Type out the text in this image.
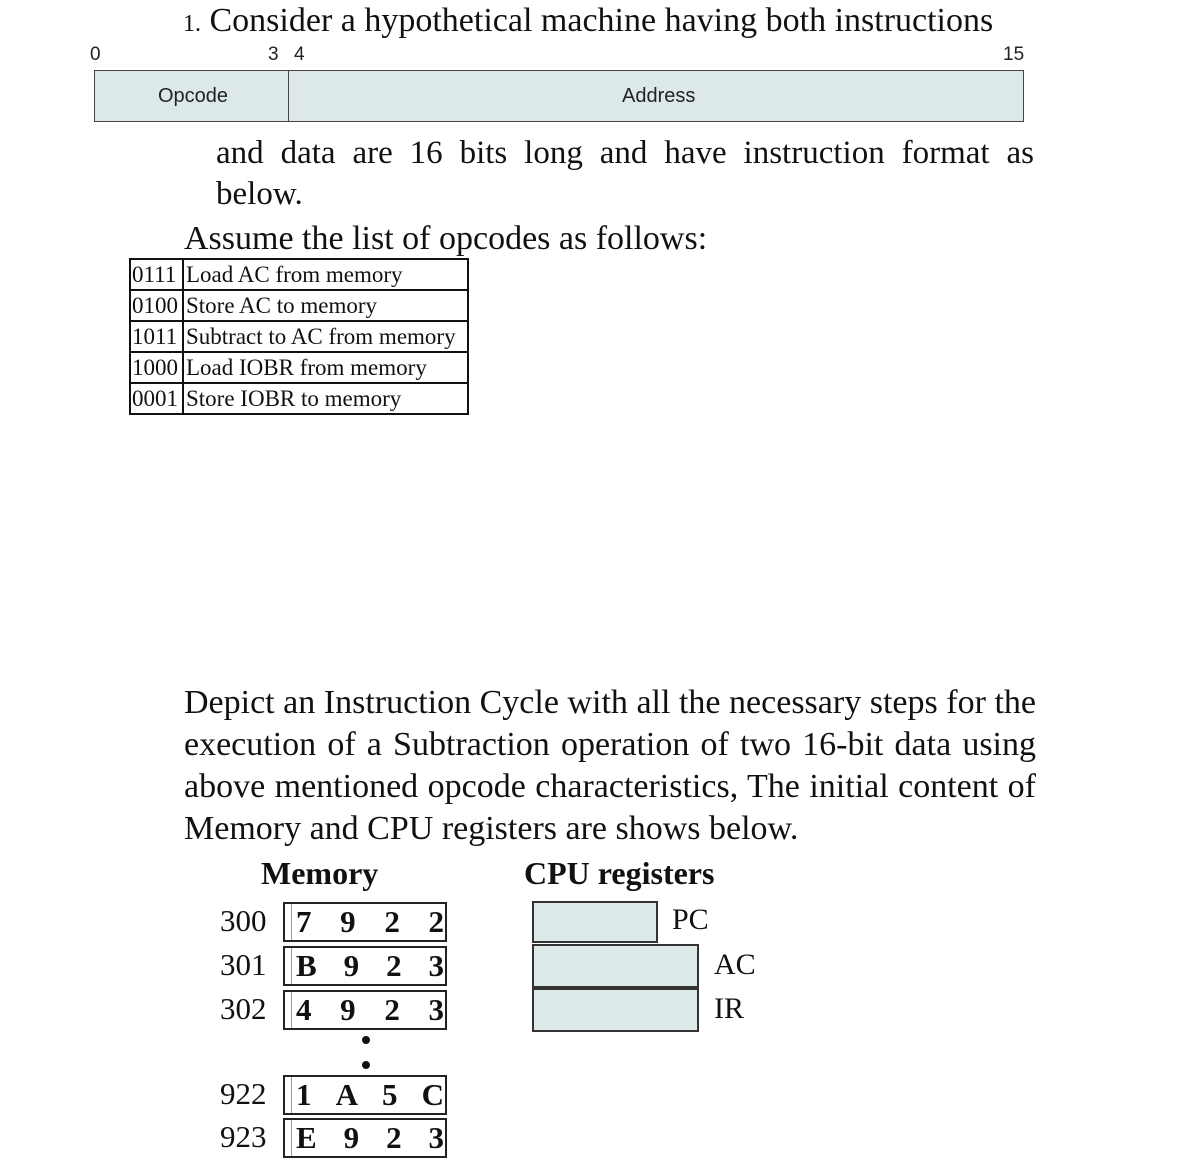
1. Consider a hypothetical machine having both instructions
0	3 4	15
Opcode	Address
and data are 16 bits long and have instruction format as below.
Assume the list of opcodes as follows:
0111	Load AC from memory
0100	Store AC to memory
1011	Subtract to AC from memory
1000	Load IOBR from memory
0001	Store IOBR to memory
Depict an Instruction Cycle with all the necessary steps for the execution of a Subtraction operation of two 16-bit data using above mentioned opcode characteristics, The initial content of Memory and CPU registers are shows below.
Memory	CPU registers
300 7 9 2 2
301 B 9 2 3
302 4 9 2 3
922 1 A 5 C
923 E 9 2 3
PC
AC
IR
